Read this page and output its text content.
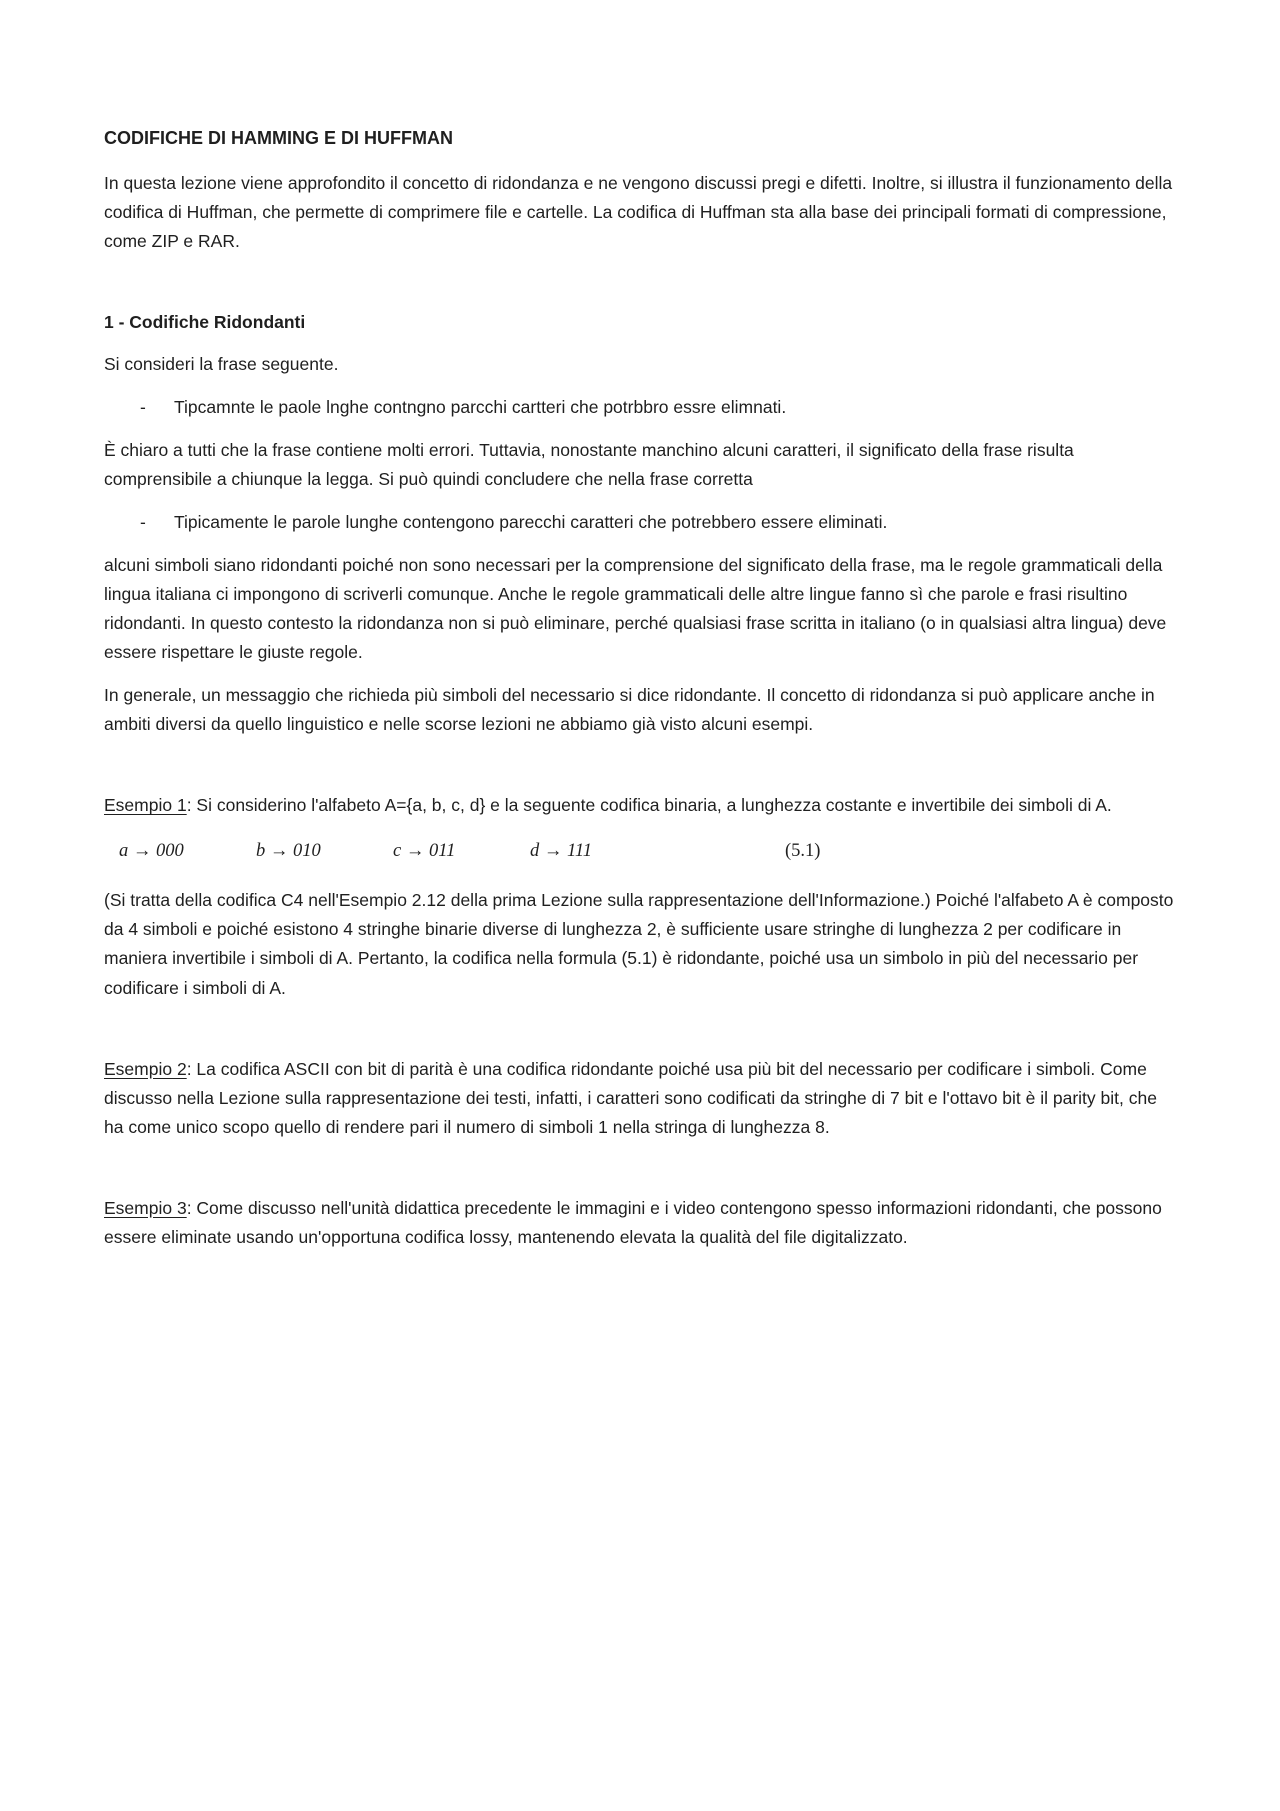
CODIFICHE DI HAMMING E DI HUFFMAN

In questa lezione viene approfondito il concetto di ridondanza e ne vengono discussi pregi e difetti. Inoltre, si illustra il funzionamento della codifica di Huffman, che permette di comprimere file e cartelle. La codifica di Huffman sta alla base dei principali formati di compressione, come ZIP e RAR.

1 - Codifiche Ridondanti

Si consideri la frase seguente.

-	Tipcamnte le paole lnghe contngno parcchi cartteri che potrbbro essre elimnati.

È chiaro a tutti che la frase contiene molti errori. Tuttavia, nonostante manchino alcuni caratteri, il significato della frase risulta comprensibile a chiunque la legga. Si può quindi concludere che nella frase corretta

-	Tipicamente le parole lunghe contengono parecchi caratteri che potrebbero essere eliminati.

alcuni simboli siano ridondanti poiché non sono necessari per la comprensione del significato della frase, ma le regole grammaticali della lingua italiana ci impongono di scriverli comunque. Anche le regole grammaticali delle altre lingue fanno sì che parole e frasi risultino ridondanti. In questo contesto la ridondanza non si può eliminare, perché qualsiasi frase scritta in italiano (o in qualsiasi altra lingua) deve essere rispettare le giuste regole.

In generale, un messaggio che richieda più simboli del necessario si dice ridondante. Il concetto di ridondanza si può applicare anche in ambiti diversi da quello linguistico e nelle scorse lezioni ne abbiamo già visto alcuni esempi.

Esempio 1: Si considerino l'alfabeto A={a, b, c, d} e la seguente codifica binaria, a lunghezza costante e invertibile dei simboli di A.

a → 000	b → 010	c → 011	d → 111	(5.1)

(Si tratta della codifica C4 nell'Esempio 2.12 della prima Lezione sulla rappresentazione dell'Informazione.) Poiché l'alfabeto A è composto da 4 simboli e poiché esistono 4 stringhe binarie diverse di lunghezza 2, è sufficiente usare stringhe di lunghezza 2 per codificare in maniera invertibile i simboli di A. Pertanto, la codifica nella formula (5.1) è ridondante, poiché usa un simbolo in più del necessario per codificare i simboli di A.

Esempio 2: La codifica ASCII con bit di parità è una codifica ridondante poiché usa più bit del necessario per codificare i simboli. Come discusso nella Lezione sulla rappresentazione dei testi, infatti, i caratteri sono codificati da stringhe di 7 bit e l'ottavo bit è il parity bit, che ha come unico scopo quello di rendere pari il numero di simboli 1 nella stringa di lunghezza 8.

Esempio 3: Come discusso nell'unità didattica precedente le immagini e i video contengono spesso informazioni ridondanti, che possono essere eliminate usando un'opportuna codifica lossy, mantenendo elevata la qualità del file digitalizzato.
